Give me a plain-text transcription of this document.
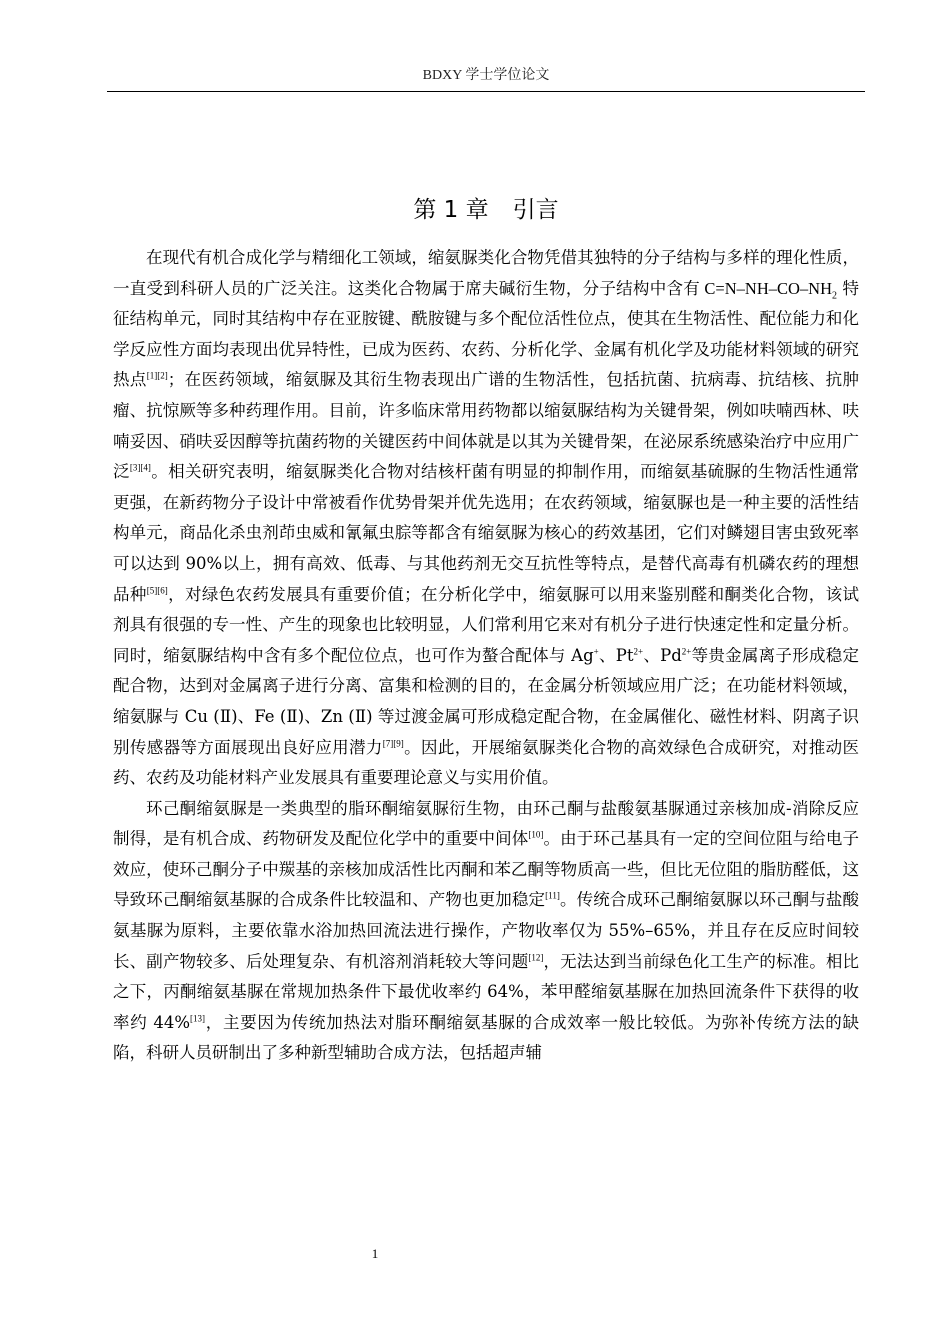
BDXY 学士学位论文
第 1 章 引言

在现代有机合成化学与精细化工领域，缩氨脲类化合物凭借其独特的分子结构与多样的理化性质，一直受到科研人员的广泛关注。这类化合物属于席夫碱衍生物，分子结构中含有 $C=N-NH-CO-NH_2$ 特征结构单元，同时其结构中存在亚胺键、酰胺键与多个配位活性位点，使其在生物活性、配位能力和化学反应性方面均表现出优异特性，已成为医药、农药、分析化学、金属有机化学及功能材料领域的研究热点[1][2]；在医药领域，缩氨脲及其衍生物表现出广谱的生物活性，包括抗菌、抗病毒、抗结核、抗肿瘤、抗惊厥等多种药理作用。目前，许多临床常用药物都以缩氨脲结构为关键骨架，例如呋喃西林、呋喃妥因、硝呋妥因醇等抗菌药物的关键医药中间体就是以其为关键骨架，在泌尿系统感染治疗中应用广泛[3][4]。相关研究表明，缩氨脲类化合物对结核杆菌有明显的抑制作用，而缩氨基硫脲的生物活性通常更强，在新药物分子设计中常被看作优势骨架并优先选用；在农药领域，缩氨脲也是一种主要的活性结构单元，商品化杀虫剂茚虫威和氰氟虫腙等都含有缩氨脲为核心的药效基团，它们对鳞翅目害虫致死率可以达到 90%以上，拥有高效、低毒、与其他药剂无交互抗性等特点，是替代高毒有机磷农药的理想品种[5][6]，对绿色农药发展具有重要价值；在分析化学中，缩氨脲可以用来鉴别醛和酮类化合物，该试剂具有很强的专一性、产生的现象也比较明显，人们常利用它来对有机分子进行快速定性和定量分析。同时，缩氨脲结构中含有多个配位位点，也可作为螯合配体与 Ag+、$Pt^{2+}$、$Pd^{2+}$等贵金属离子形成稳定配合物，达到对金属离子进行分离、富集和检测的目的，在金属分析领域应用广泛；在功能材料领域，缩氨脲与 Cu (Ⅱ)、Fe (Ⅱ)、Zn (Ⅱ) 等过渡金属可形成稳定配合物，在金属催化、磁性材料、阴离子识别传感器等方面展现出良好应用潜力[7][9]。因此，开展缩氨脲类化合物的高效绿色合成研究，对推动医药、农药及功能材料产业发展具有重要理论意义与实用价值。

环己酮缩氨脲是一类典型的脂环酮缩氨脲衍生物，由环己酮与盐酸氨基脲通过亲核加成-消除反应制得，是有机合成、药物研发及配位化学中的重要中间体[10]。由于环己基具有一定的空间位阻与给电子效应，使环己酮分子中羰基的亲核加成活性比丙酮和苯乙酮等物质高一些，但比无位阻的脂肪醛低，这导致环己酮缩氨基脲的合成条件比较温和、产物也更加稳定[11]。传统合成环己酮缩氨脲以环己酮与盐酸氨基脲为原料，主要依靠水浴加热回流法进行操作，产物收率仅为 55%–65%，并且存在反应时间较长、副产物较多、后处理复杂、有机溶剂消耗较大等问题[12]，无法达到当前绿色化工生产的标准。相比之下，丙酮缩氨基脲在常规加热条件下最优收率约 64%，苯甲醛缩氨基脲在加热回流条件下获得的收率约 44%[13]，主要因为传统加热法对脂环酮缩氨基脲的合成效率一般比较低。为弥补传统方法的缺陷，科研人员研制出了多种新型辅助合成方法，包括超声辅

1
